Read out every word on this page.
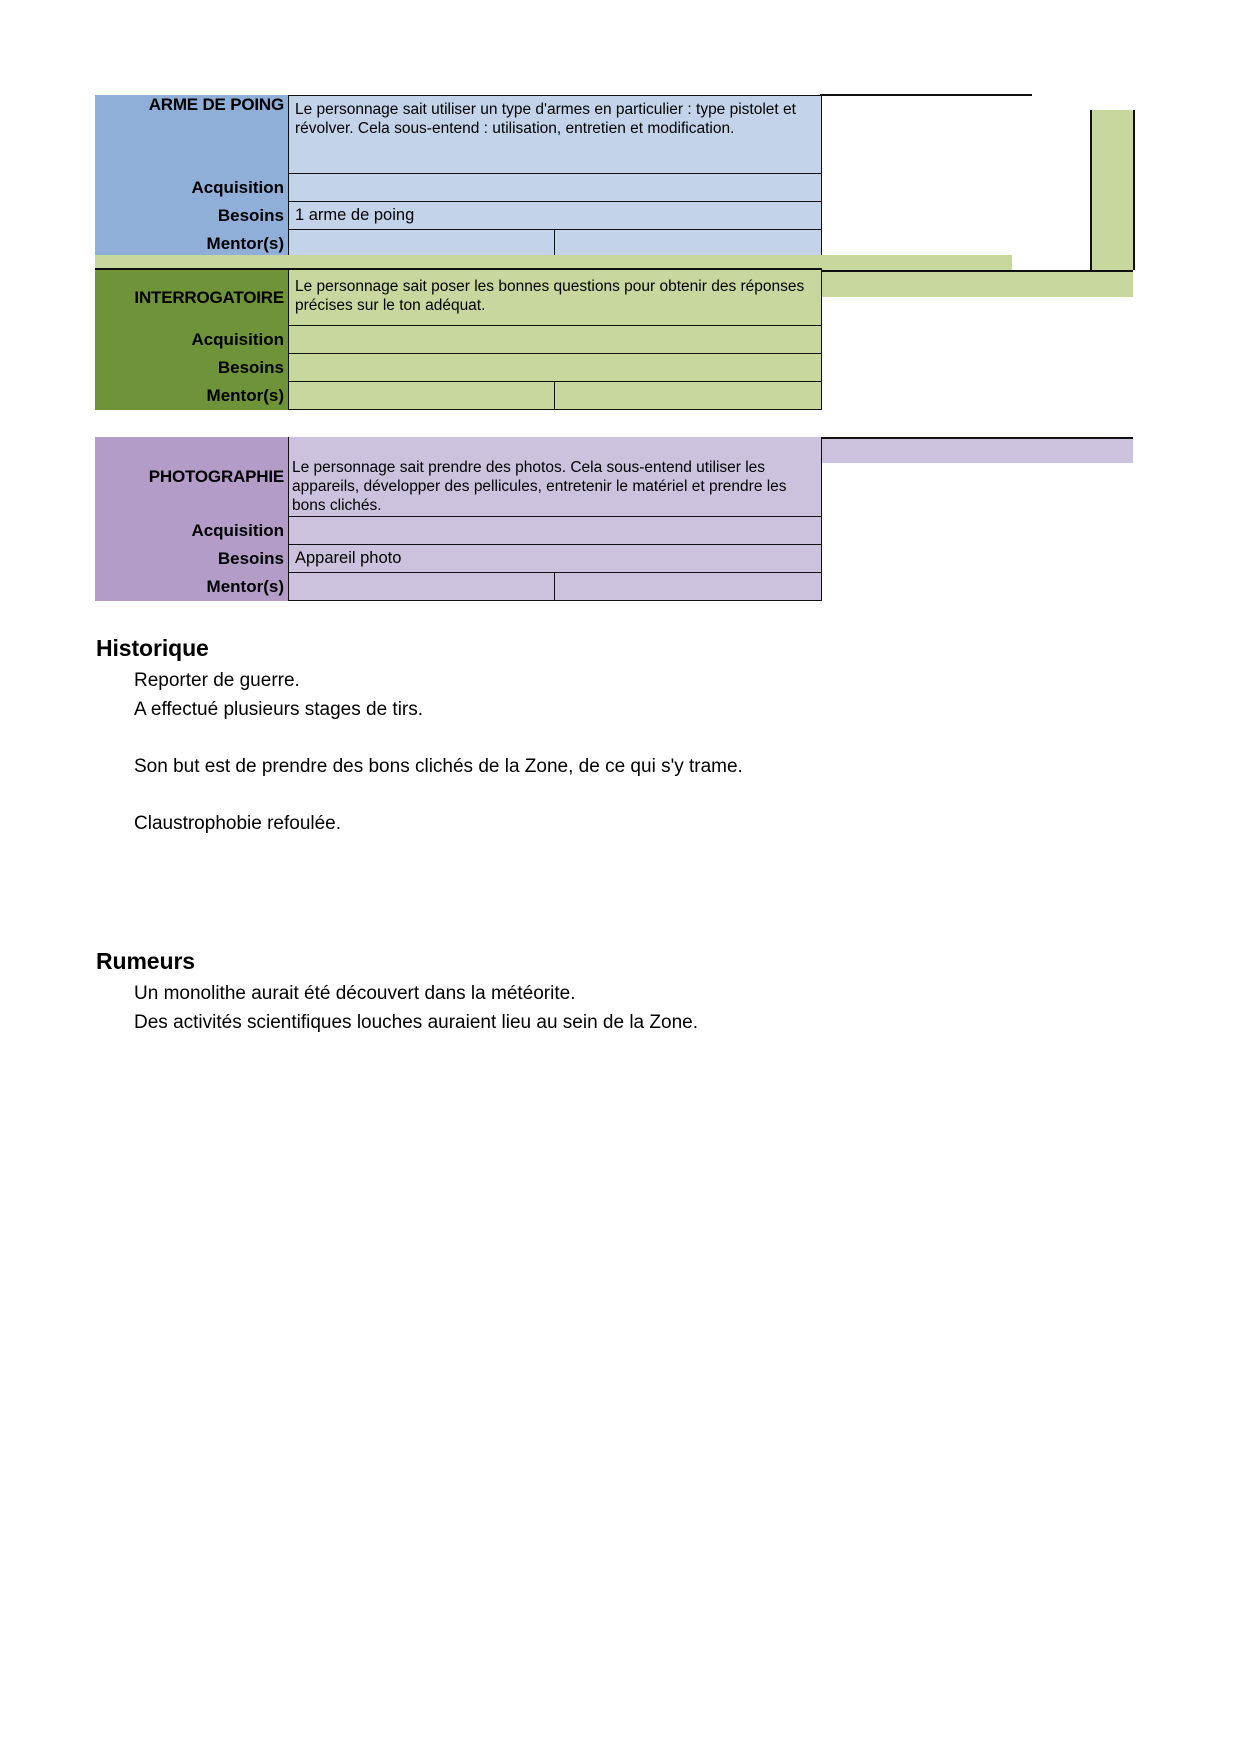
ARME DE POING
Acquisition
Besoins
Mentor(s)
Le personnage sait utiliser un type d'armes en particulier : type pistolet et révolver. Cela sous-entend : utilisation, entretien et modification.
1 arme de poing
INTERROGATOIRE
Acquisition
Besoins
Mentor(s)
Le personnage sait poser les bonnes questions pour obtenir des réponses précises sur le ton adéquat.
PHOTOGRAPHIE
Acquisition
Besoins
Mentor(s)
Le personnage sait prendre des photos. Cela sous-entend utiliser les appareils, développer des pellicules, entretenir le matériel et prendre les bons clichés.
Appareil photo
Historique

Reporter de guerre.

A effectué plusieurs stages de tirs.

Son but est de prendre des bons clichés de la Zone, de ce qui s'y trame.

Claustrophobie refoulée.

Rumeurs

Un monolithe aurait été découvert dans la météorite.

Des activités scientifiques louches auraient lieu au sein de la Zone.
